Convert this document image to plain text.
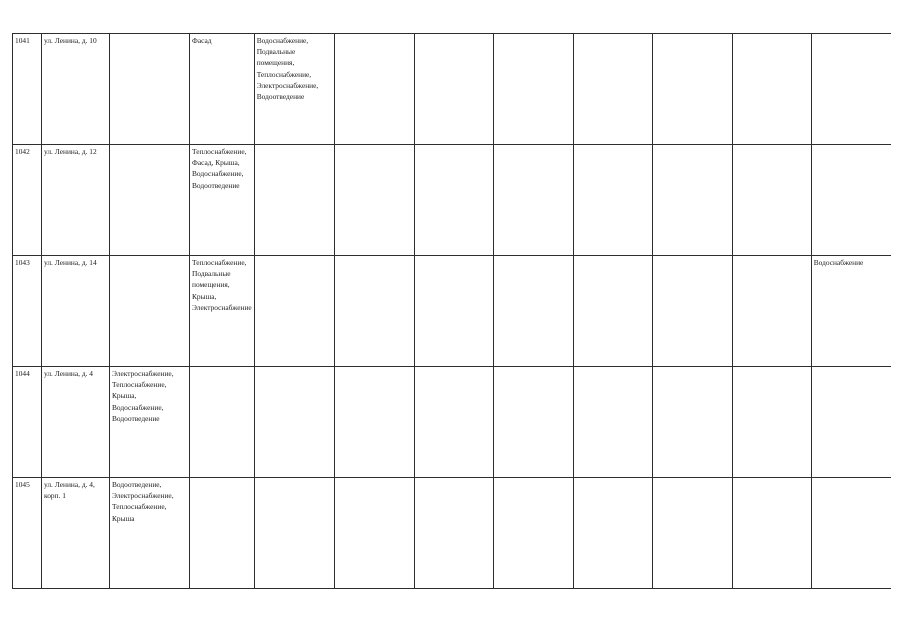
1041	ул. Ленина, д. 10		Фасад	Водоснабжение, Подвальные помещения, Теплоснабжение, Электроснабжение, Водоотведение							
1042	ул. Ленина, д. 12		Теплоснабжение, Фасад, Крыша, Водоснабжение, Водоотведение								
1043	ул. Ленина, д. 14		Теплоснабжение, Подвальные помещения, Крыша, Электроснабжение								Водоснабжение
1044	ул. Ленина, д. 4	Электроснабжение, Теплоснабжение, Крыша, Водоснабжение, Водоотведение									
1045	ул. Ленина, д. 4, корп. 1	Водоотведение, Электроснабжение, Теплоснабжение, Крыша									
